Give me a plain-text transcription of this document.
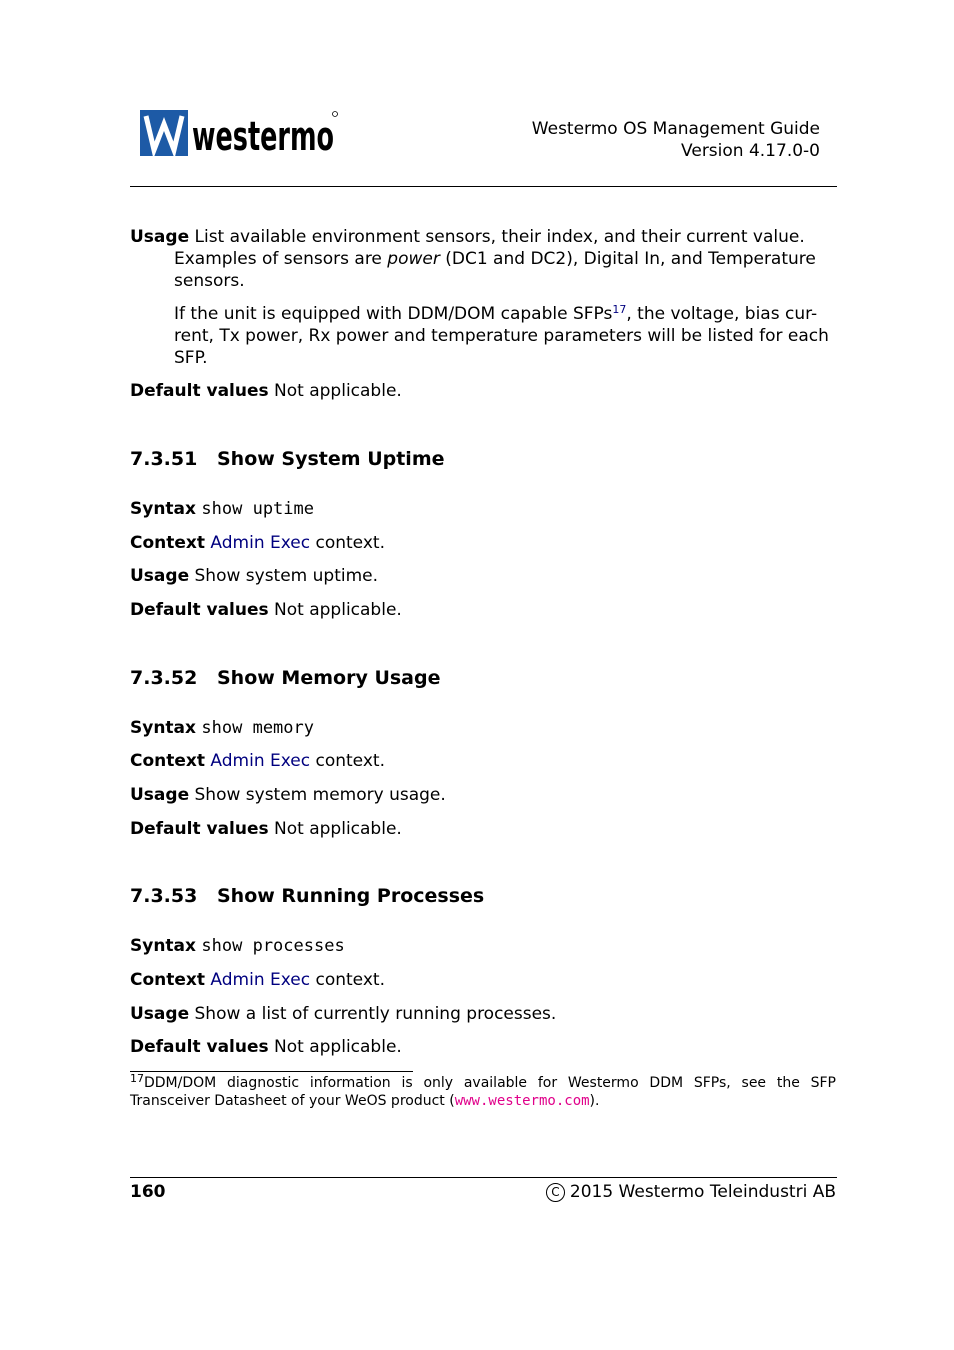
westermo	Westermo OS Management Guide
Version 4.17.0-0
Usage List available environment sensors, their index, and their current value.
Examples of sensors are power (DC1 and DC2), Digital In, and Temperature
sensors.
If the unit is equipped with DDM/DOM capable SFPs$^{17}$, the voltage, bias cur-
rent, Tx power, Rx power and temperature parameters will be listed for each
SFP.
Default values Not applicable.
7.3.51 Show System Uptime
Syntax show uptime
Context Admin Exec context.
Usage Show system uptime.
Default values Not applicable.
7.3.52 Show Memory Usage
Syntax show memory
Context Admin Exec context.
Usage Show system memory usage.
Default values Not applicable.
7.3.53 Show Running Processes
Syntax show processes
Context Admin Exec context.
Usage Show a list of currently running processes.
Default values Not applicable.
$^{17}$DDM/DOM diagnostic information is only available for Westermo DDM SFPs, see the SFP Transceiver Datasheet of your WeOS product (www.westermo.com).
160	C 2015 Westermo Teleindustri AB
